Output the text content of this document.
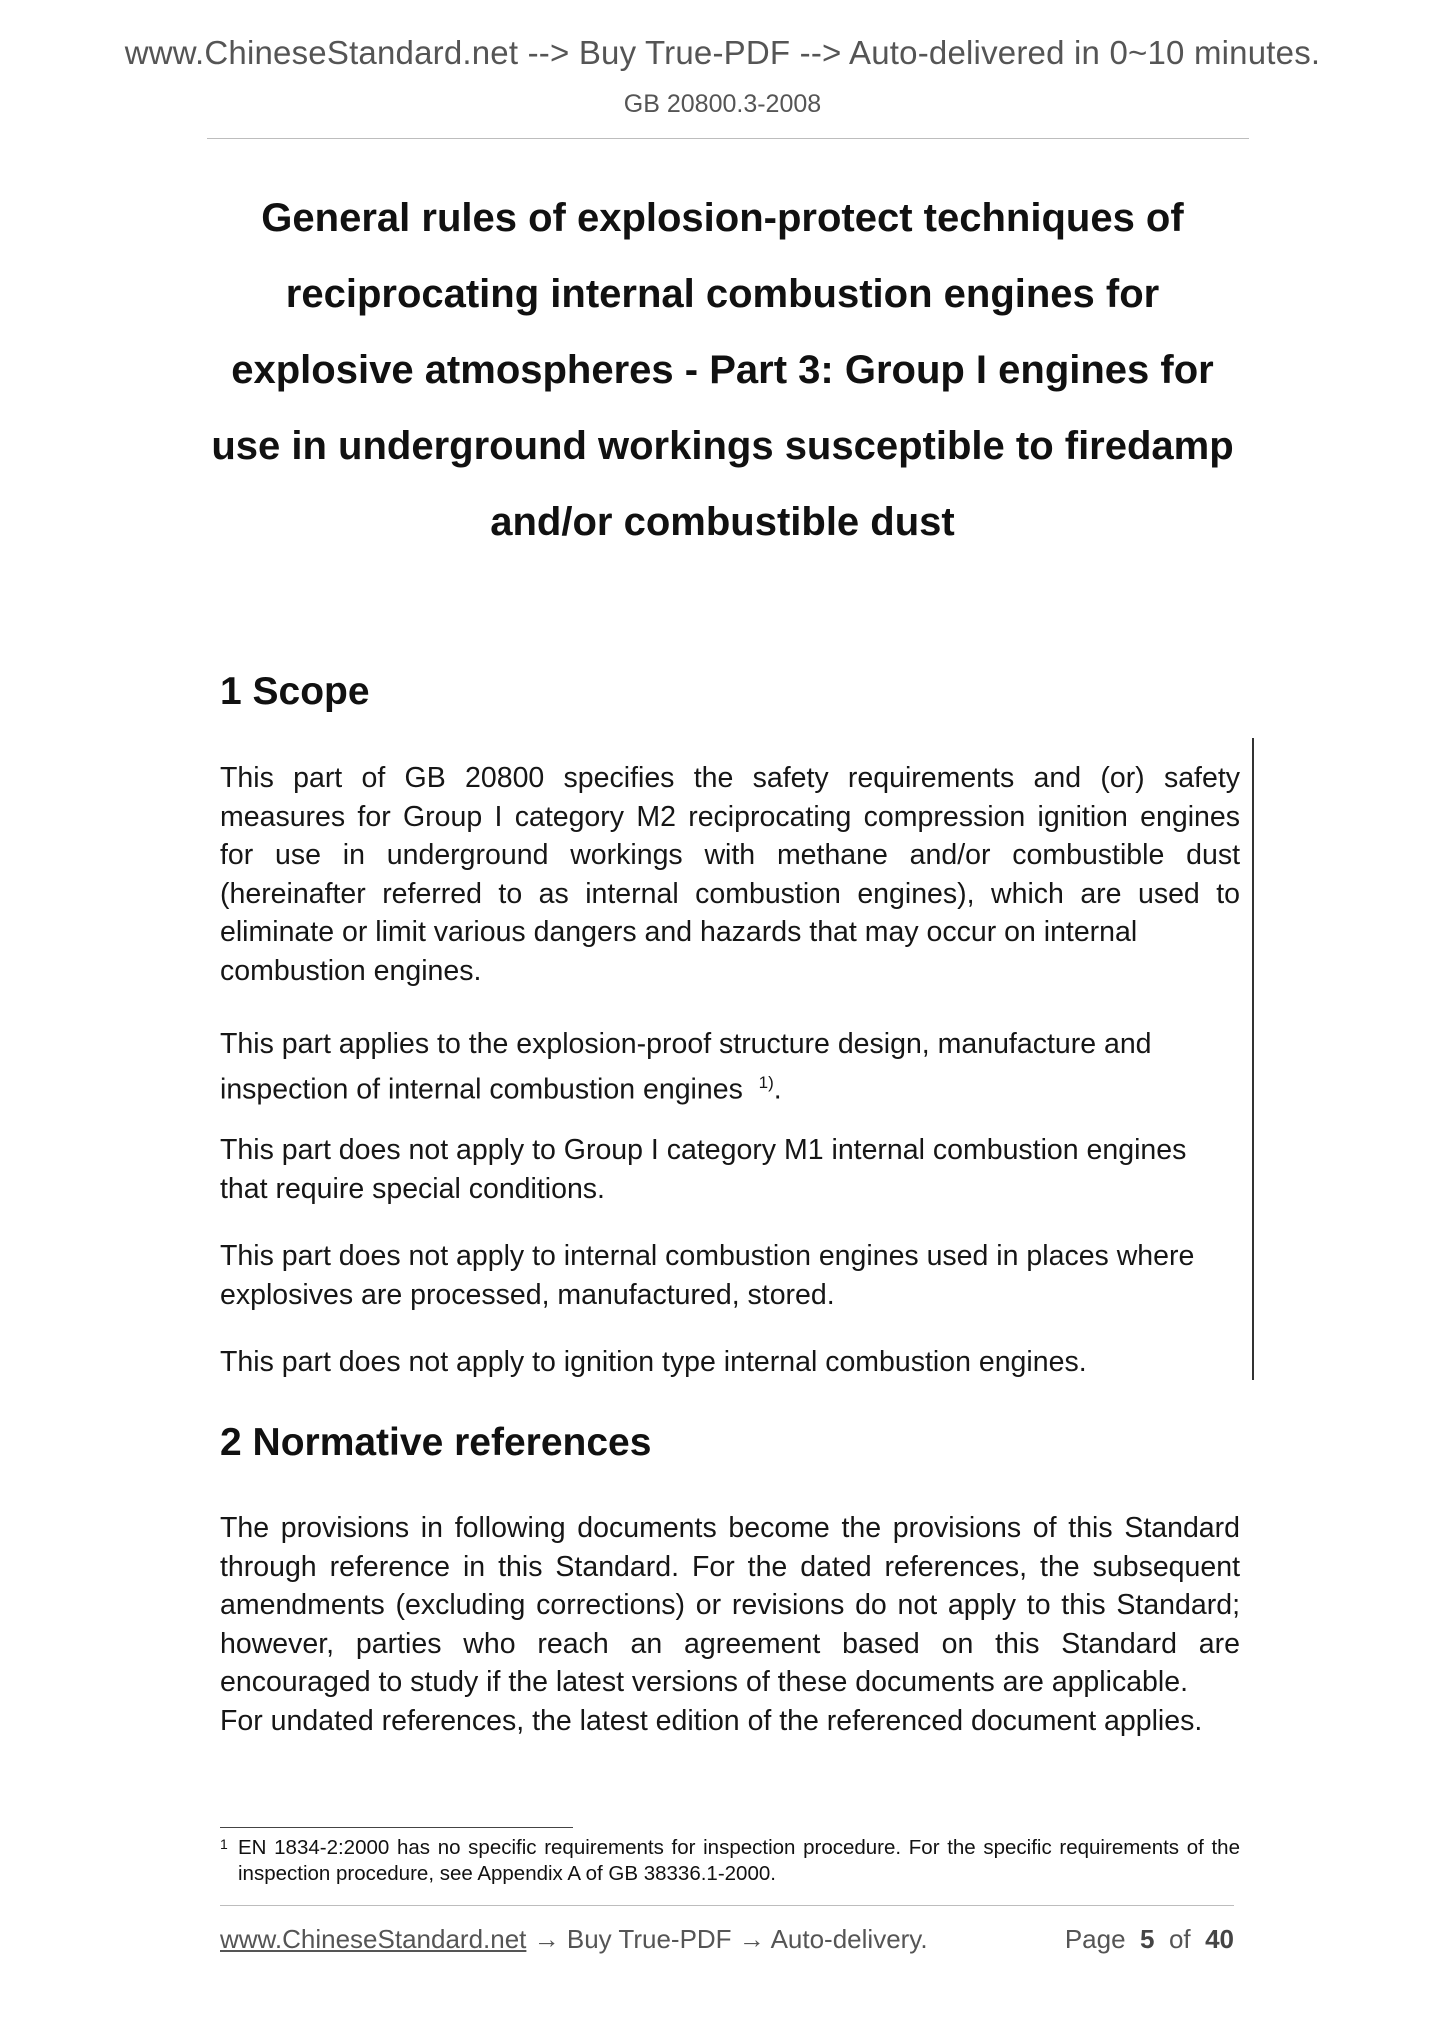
www.ChineseStandard.net --> Buy True-PDF --> Auto-delivered in 0~10 minutes.
GB 20800.3-2008
General rules of explosion-protect techniques of
reciprocating internal combustion engines for
explosive atmospheres - Part 3: Group I engines for
use in underground workings susceptible to firedamp
and/or combustible dust
1 Scope

This part of GB 20800 specifies the safety requirements and (or) safety measures for Group I category M2 reciprocating compression ignition engines for use in underground workings with methane and/or combustible dust (hereinafter referred to as internal combustion engines), which are used to eliminate or limit various dangers and hazards that may occur on internal
combustion engines.

This part applies to the explosion-proof structure design, manufacture and
inspection of internal combustion engines $^{1)}$.

This part does not apply to Group I category M1 internal combustion engines
that require special conditions.

This part does not apply to internal combustion engines used in places where
explosives are processed, manufactured, stored.

This part does not apply to ignition type internal combustion engines.

2 Normative references

The provisions in following documents become the provisions of this Standard through reference in this Standard. For the dated references, the subsequent amendments (excluding corrections) or revisions do not apply to this Standard; however, parties who reach an agreement based on this Standard are encouraged to study if the latest versions of these documents are applicable.
For undated references, the latest edition of the referenced document applies.

1 EN 1834-2:2000 has no specific requirements for inspection procedure. For the specific requirements of the inspection procedure, see Appendix A of GB 38336.1-2000.
www.ChineseStandard.net → Buy True-PDF → Auto-delivery.	Page 5 of 40
